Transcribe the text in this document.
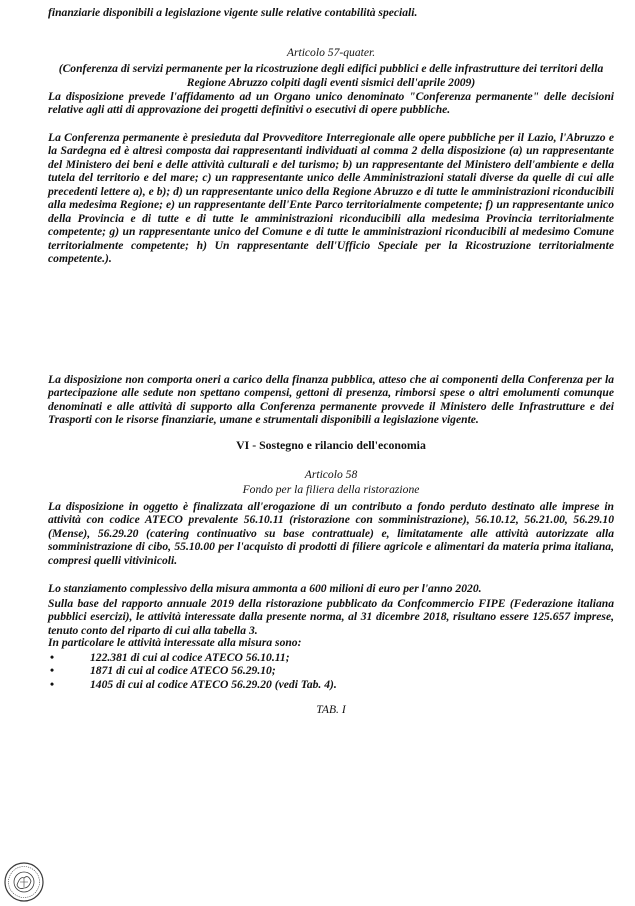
finanziarie disponibili a legislazione vigente sulle relative contabilità speciali.
Articolo 57-quater.
(Conferenza di servizi permanente per la ricostruzione degli edifici pubblici e delle infrastrutture dei territori della Regione Abruzzo colpiti dagli eventi sismici dell'aprile 2009)
La disposizione prevede l'affidamento ad un Organo unico denominato "Conferenza permanente" delle decisioni relative agli atti di approvazione dei progetti definitivi o esecutivi di opere pubbliche.
La Conferenza permanente è presieduta dal Provveditore Interregionale alle opere pubbliche per il Lazio, l'Abruzzo e la Sardegna ed è altresì composta dai rappresentanti individuati al comma 2 della disposizione (a) un rappresentante del Ministero dei beni e delle attività culturali e del turismo; b) un rappresentante del Ministero dell'ambiente e della tutela del territorio e del mare; c) un rappresentante unico delle Amministrazioni statali diverse da quelle di cui alle precedenti lettere a), e b); d) un rappresentante unico della Regione Abruzzo e di tutte le amministrazioni riconducibili alla medesima Regione; e) un rappresentante dell'Ente Parco territorialmente competente; f) un rappresentante unico della Provincia e di tutte e di tutte le amministrazioni riconducibili alla medesima Provincia territorialmente competente; g) un rappresentante unico del Comune e di tutte le amministrazioni riconducibili al medesimo Comune territorialmente competente; h) Un rappresentante dell'Ufficio Speciale per la Ricostruzione territorialmente competente.).
La disposizione non comporta oneri a carico della finanza pubblica, atteso che ai componenti della Conferenza per la partecipazione alle sedute non spettano compensi, gettoni di presenza, rimborsi spese o altri emolumenti comunque denominati e alle attività di supporto alla Conferenza permanente provvede il Ministero delle Infrastrutture e dei Trasporti con le risorse finanziarie, umane e strumentali disponibili a legislazione vigente.
VI - Sostegno e rilancio dell'economia
Articolo 58
Fondo per la filiera della ristorazione
La disposizione in oggetto è finalizzata all'erogazione di un contributo a fondo perduto destinato alle imprese in attività con codice ATECO prevalente 56.10.11 (ristorazione con somministrazione), 56.10.12, 56.21.00, 56.29.10 (Mense), 56.29.20 (catering continuativo su base contrattuale) e, limitatamente alle attività autorizzate alla somministrazione di cibo, 55.10.00 per l'acquisto di prodotti di filiere agricole e alimentari da materia prima italiana, compresi quelli vitivinicoli.
Lo stanziamento complessivo della misura ammonta a 600 milioni di euro per l'anno 2020.
Sulla base del rapporto annuale 2019 della ristorazione pubblicato da Confcommercio FIPE (Federazione italiana pubblici esercizi), le attività interessate dalla presente norma, al 31 dicembre 2018, risultano essere 125.657 imprese, tenuto conto del riparto di cui alla tabella 3.
In particolare le attività interessate alla misura sono:
•	122.381 di cui al codice ATECO 56.10.11;
•	1871 di cui al codice ATECO 56.29.10;
•	1405 di cui al codice ATECO 56.29.20 (vedi Tab. 4).
TAB. I
